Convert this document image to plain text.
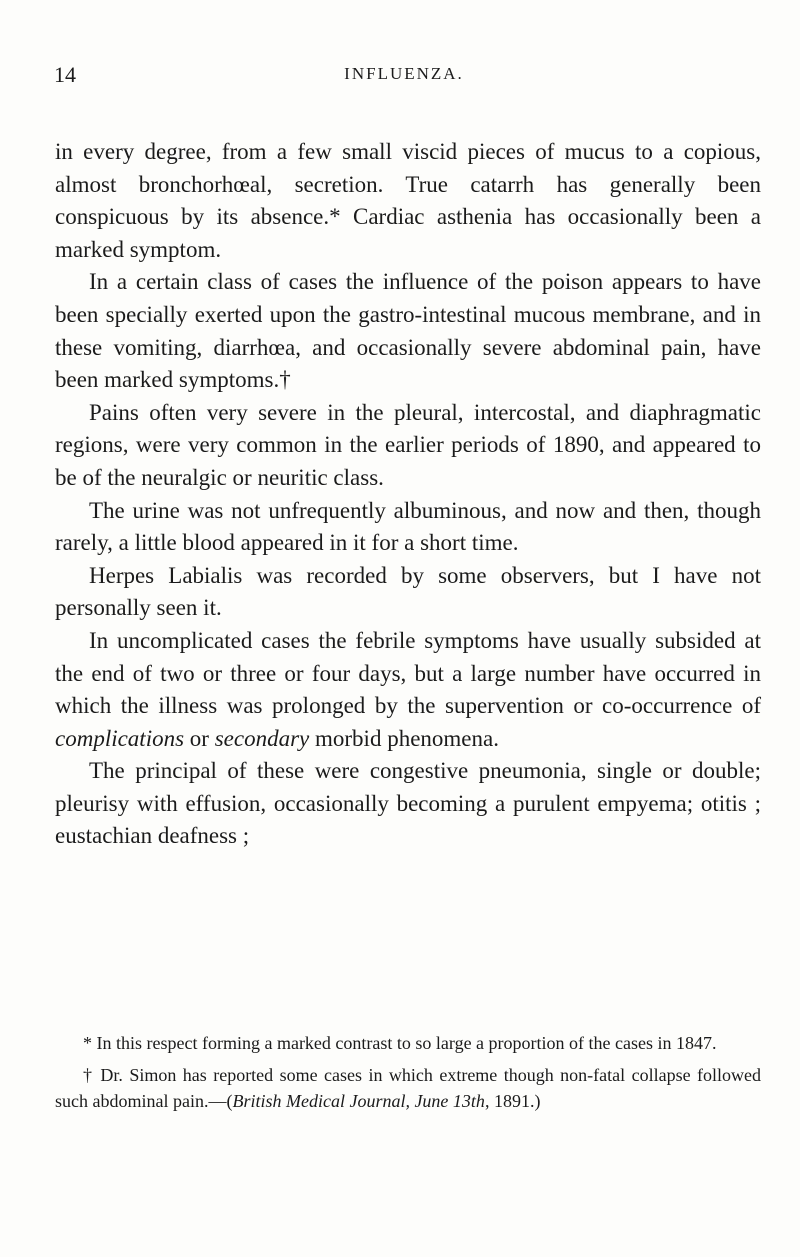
14	INFLUENZA.

in every degree, from a few small viscid pieces of mucus to a copious, almost bronchorhœal, secretion. True catarrh has generally been conspicuous by its absence.* Cardiac asthenia has occasionally been a marked symptom.

In a certain class of cases the influence of the poison appears to have been specially exerted upon the gastro-intestinal mucous membrane, and in these vomiting, diarrhœa, and occasionally severe abdominal pain, have been marked symptoms.†

Pains often very severe in the pleural, intercostal, and diaphragmatic regions, were very common in the earlier periods of 1890, and appeared to be of the neuralgic or neuritic class.

The urine was not unfrequently albuminous, and now and then, though rarely, a little blood appeared in it for a short time.

Herpes Labialis was recorded by some observers, but I have not personally seen it.

In uncomplicated cases the febrile symptoms have usually subsided at the end of two or three or four days, but a large number have occurred in which the illness was prolonged by the supervention or co-occurrence of complications or secondary morbid phenomena.

The principal of these were congestive pneumonia, single or double; pleurisy with effusion, occasionally becoming a purulent empyema; otitis ; eustachian deafness ;

* In this respect forming a marked contrast to so large a proportion of the cases in 1847.

† Dr. Simon has reported some cases in which extreme though non-fatal collapse followed such abdominal pain.—(British Medical Journal, June 13th, 1891.)
